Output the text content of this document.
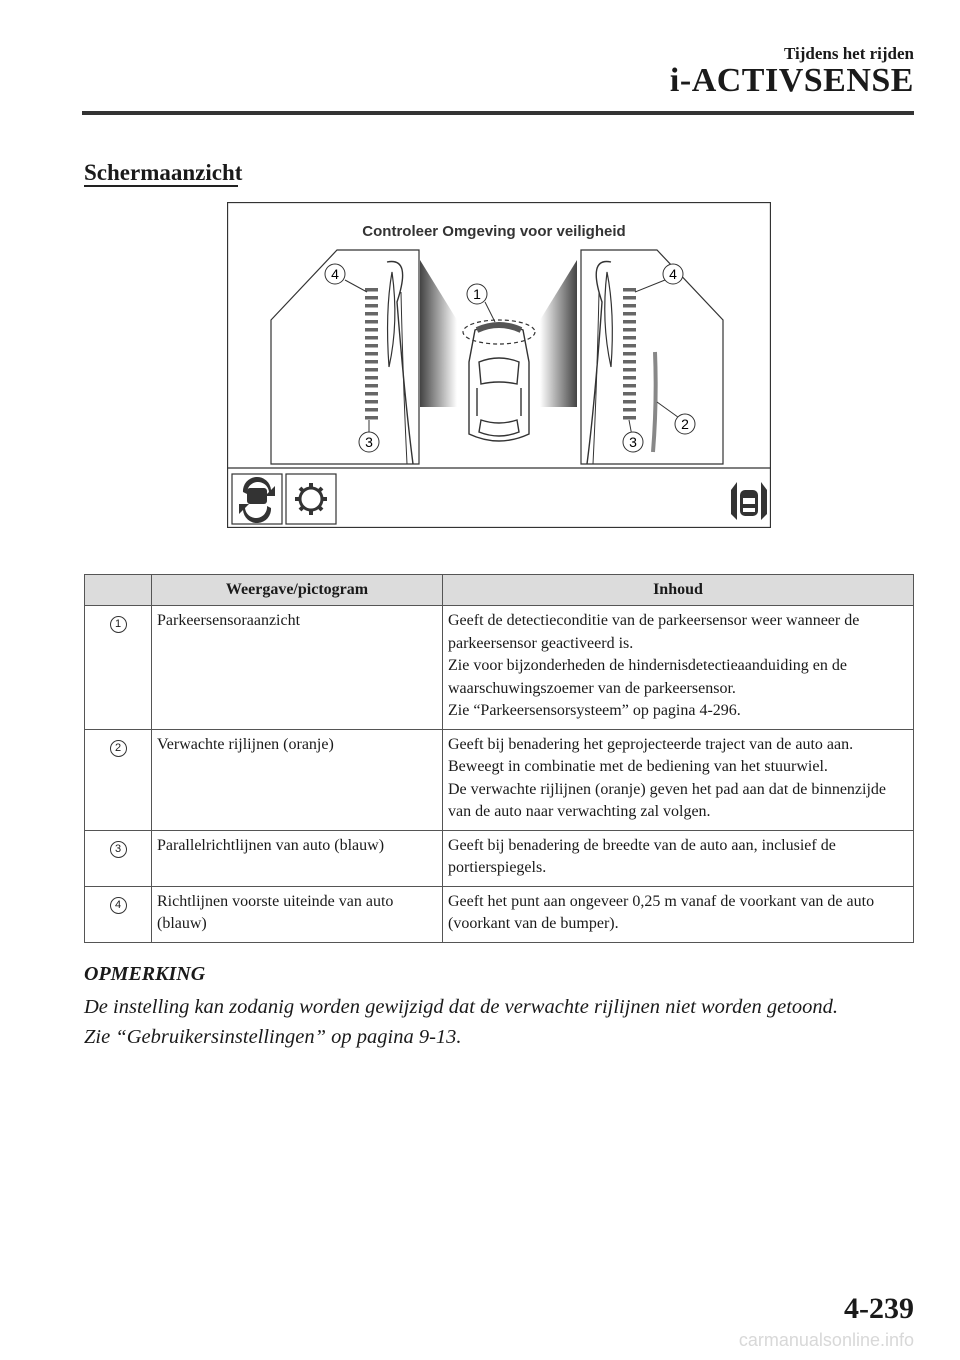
Tijdens het rijden
i-ACTIVSENSE
Schermaanzicht
Controleer Omgeving voor veiligheid
4	4
1
2
3	3
	Weergave/pictogram	Inhoud
1	Parkeersensoraanzicht	Geeft de detectieconditie van de parkeersensor weer wanneer de parkeersensor geactiveerd is.
Zie voor bijzonderheden de hindernisdetectieaanduiding en de waarschuwingszoemer van de parkeersensor.
Zie “Parkeersensorsysteem” op pagina 4-296.

2	Verwachte rijlijnen (oranje)	Geeft bij benadering het geprojecteerde traject van de auto aan. Beweegt in combinatie met de bediening van het stuurwiel.
De verwachte rijlijnen (oranje) geven het pad aan dat de binnenzijde van de auto naar verwachting zal volgen.

3	Parallelrichtlijnen van auto (blauw)	Geeft bij benadering de breedte van de auto aan, inclusief de portierspiegels.

4	Richtlijnen voorste uiteinde van auto (blauw)	Geeft het punt aan ongeveer 0,25 m vanaf de voorkant van de auto (voorkant van de bumper).
OPMERKING
De instelling kan zodanig worden gewijzigd dat de verwachte rijlijnen niet worden getoond.
Zie “Gebruikersinstellingen” op pagina 9-13.
4-239
carmanualsonline.info
